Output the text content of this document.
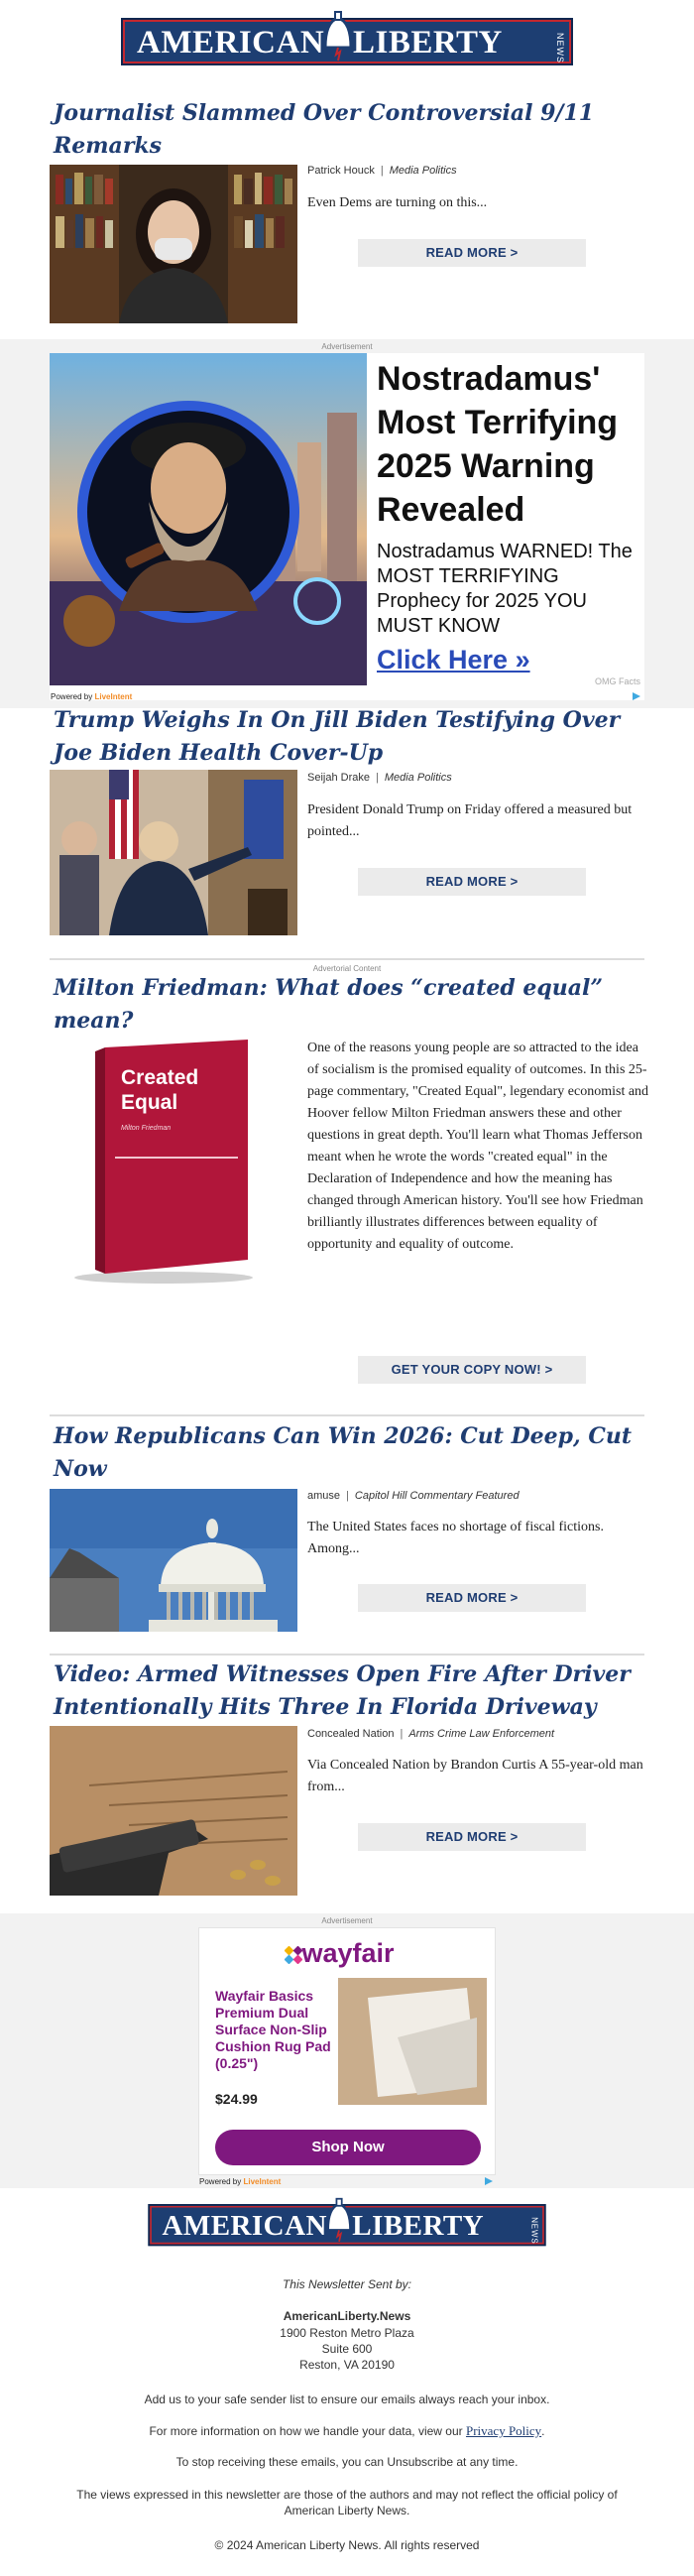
AMERICAN LIBERTY	NEWS
Journalist Slammed Over Controversial 9/11 Remarks
Patrick Houck | Media Politics
Even Dems are turning on this...
READ MORE >
Advertisement
Nostradamus' Most Terrifying 2025 Warning Revealed
Nostradamus WARNED! The MOST TERRIFYING Prophecy for 2025 YOU MUST KNOW
Click Here »
OMG Facts
Powered by LiveIntent
Trump Weighs In On Jill Biden Testifying Over Joe Biden Health Cover-Up
Seijah Drake | Media Politics
President Donald Trump on Friday offered a measured but pointed...
READ MORE >
Advertorial Content
Milton Friedman: What does “created equal” mean?
Created Equal
Milton Friedman
One of the reasons young people are so attracted to the idea of socialism is the promised equality of outcomes. In this 25-page commentary, "Created Equal", legendary economist and Hoover fellow Milton Friedman answers these and other questions in great depth. You'll learn what Thomas Jefferson meant when he wrote the words "created equal" in the Declaration of Independence and how the meaning has changed through American history. You'll see how Friedman brilliantly illustrates differences between equality of opportunity and equality of outcome.
GET YOUR COPY NOW! >
How Republicans Can Win 2026: Cut Deep, Cut Now
amuse | Capitol Hill Commentary Featured
The United States faces no shortage of fiscal fictions. Among...
READ MORE >
Video: Armed Witnesses Open Fire After Driver Intentionally Hits Three In Florida Driveway
Concealed Nation | Arms Crime Law Enforcement
Via Concealed Nation by Brandon Curtis A 55-year-old man from...
READ MORE >
Advertisement
wayfair
Wayfair Basics Premium Dual Surface Non-Slip Cushion Rug Pad (0.25")
$24.99
Shop Now
Powered by LiveIntent
AMERICAN LIBERTY	NEWS
This Newsletter Sent by:
AmericanLiberty.News
1900 Reston Metro Plaza
Suite 600
Reston, VA 20190
Add us to your safe sender list to ensure our emails always reach your inbox.
For more information on how we handle your data, view our Privacy Policy.
To stop receiving these emails, you can Unsubscribe at any time.
The views expressed in this newsletter are those of the authors and may not reflect the official policy of American Liberty News.
© 2024 American Liberty News. All rights reserved
